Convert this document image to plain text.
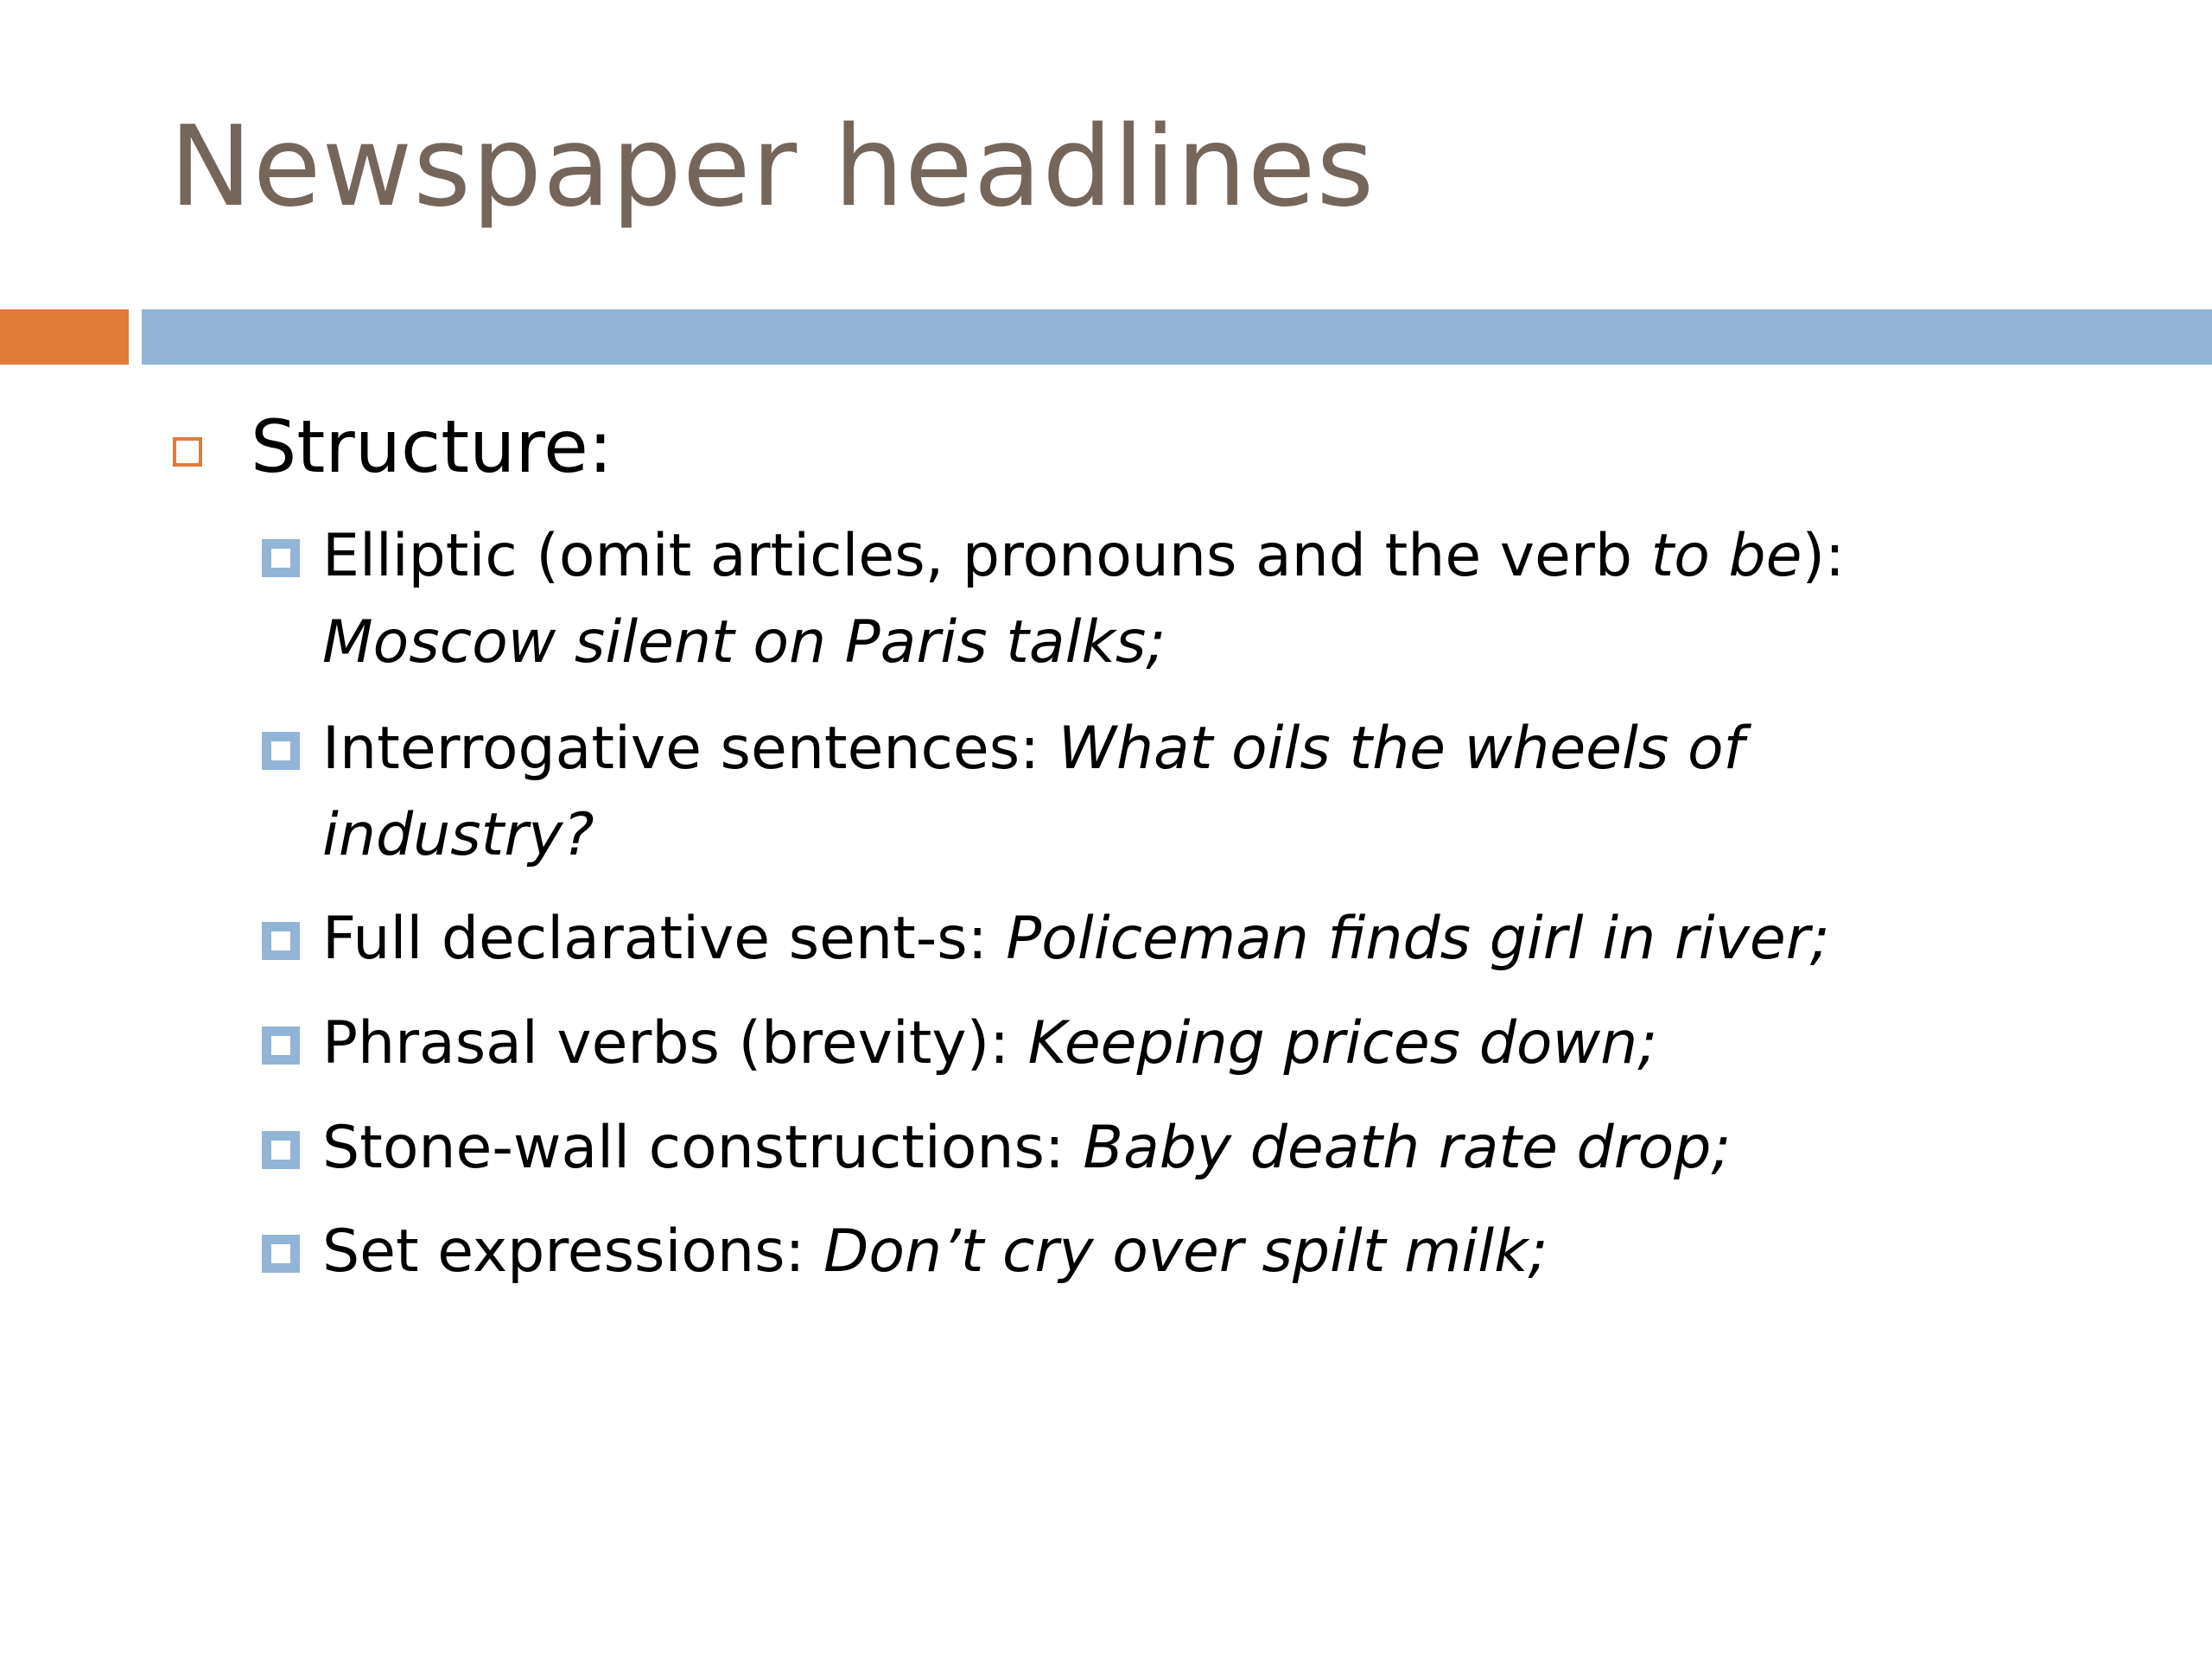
Newspaper headlines
Structure:
Elliptic (omit articles, pronouns and the verb to be):
Moscow silent on Paris talks;
Interrogative sentences: What oils the wheels of industry?
Full declarative sent-s: Policeman finds girl in river;
Phrasal verbs (brevity): Keeping prices down;
Stone-wall constructions: Baby death rate drop;
Set expressions: Don’t cry over spilt milk;
